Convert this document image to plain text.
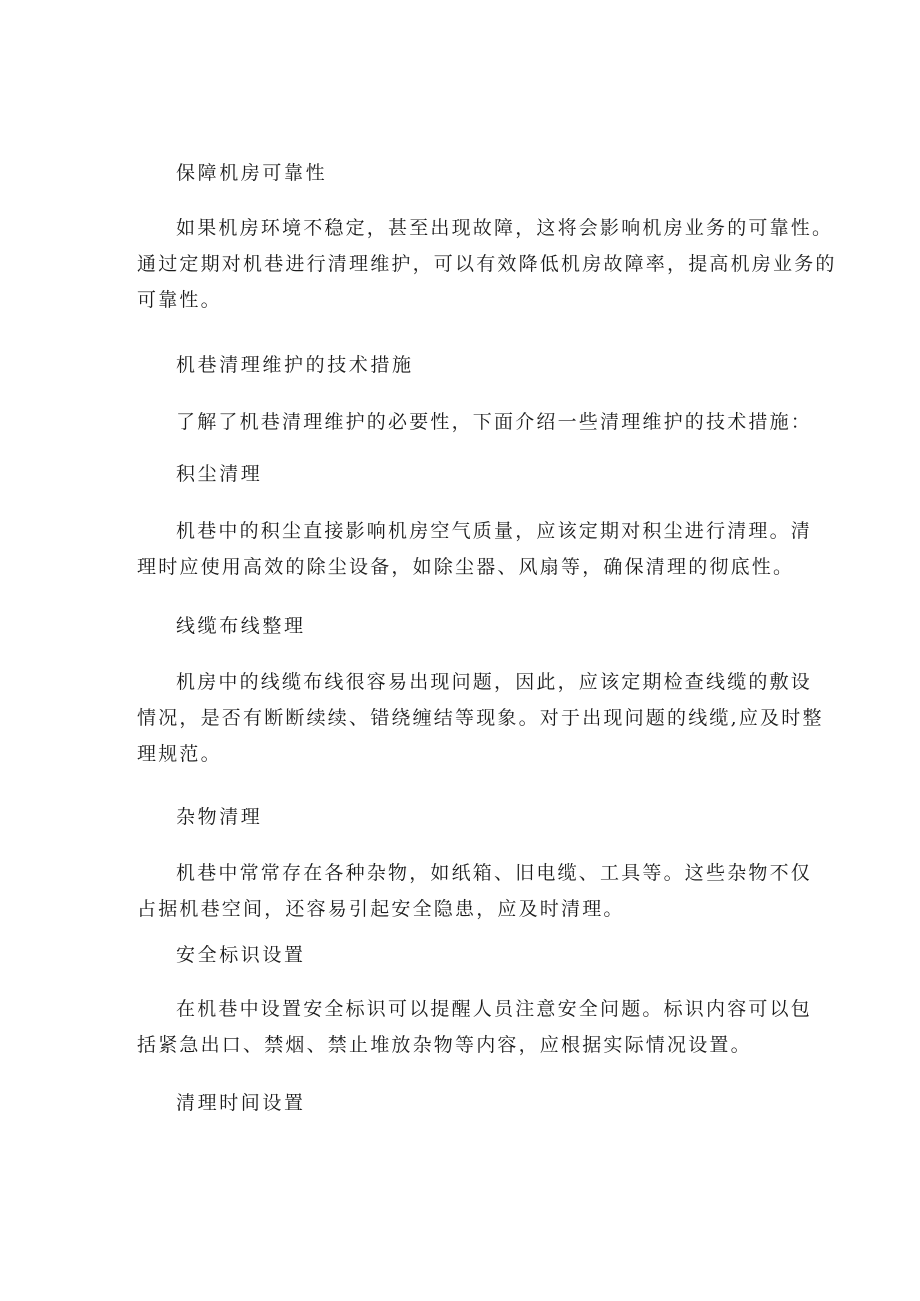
保障机房可靠性
如果机房环境不稳定，甚至出现故障，这将会影响机房业务的可靠性。
通过定期对机巷进行清理维护，可以有效降低机房故障率，提高机房业务的
可靠性。
机巷清理维护的技术措施
了解了机巷清理维护的必要性，下面介绍一些清理维护的技术措施：
积尘清理
机巷中的积尘直接影响机房空气质量，应该定期对积尘进行清理。清
理时应使用高效的除尘设备，如除尘器、风扇等，确保清理的彻底性。
线缆布线整理
机房中的线缆布线很容易出现问题，因此，应该定期检查线缆的敷设
情况，是否有断断续续、错绕缠结等现象。对于出现问题的线缆,应及时整
理规范。
杂物清理
机巷中常常存在各种杂物，如纸箱、旧电缆、工具等。这些杂物不仅
占据机巷空间，还容易引起安全隐患，应及时清理。
安全标识设置
在机巷中设置安全标识可以提醒人员注意安全问题。标识内容可以包
括紧急出口、禁烟、禁止堆放杂物等内容，应根据实际情况设置。
清理时间设置
